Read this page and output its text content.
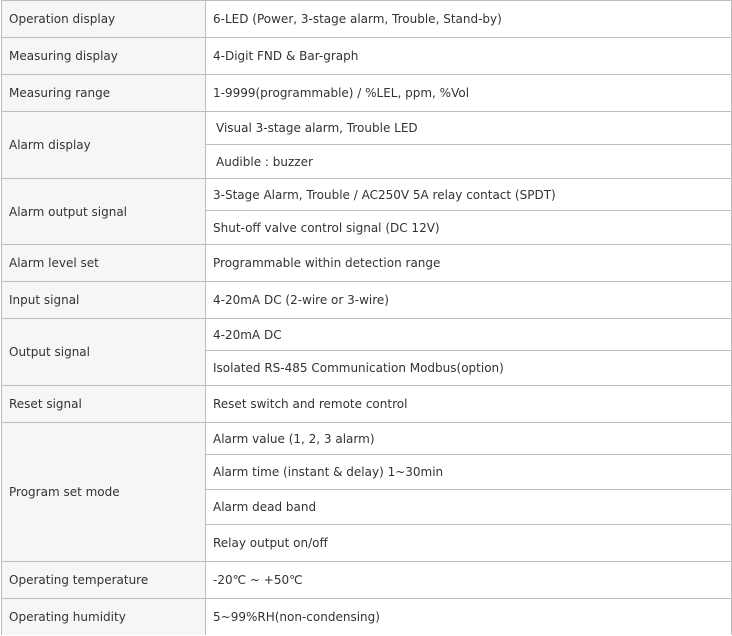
Operation display	6-LED (Power, 3-stage alarm, Trouble, Stand-by)
Measuring display	4-Digit FND & Bar-graph
Measuring range	1-9999(programmable) / %LEL, ppm, %Vol
Alarm display	Visual 3-stage alarm, Trouble LED
	Audible : buzzer
Alarm output signal	3-Stage Alarm, Trouble / AC250V 5A relay contact (SPDT)
	Shut-off valve control signal (DC 12V)
Alarm level set	Programmable within detection range
Input signal	4-20mA DC (2-wire or 3-wire)
Output signal	4-20mA DC
	Isolated RS-485 Communication Modbus(option)
Reset signal	Reset switch and remote control
Program set mode	Alarm value (1, 2, 3 alarm)
	Alarm time (instant & delay) 1~30min
	Alarm dead band
	Relay output on/off
Operating temperature	-20℃ ~ +50℃
Operating humidity	5~99%RH(non-condensing)
